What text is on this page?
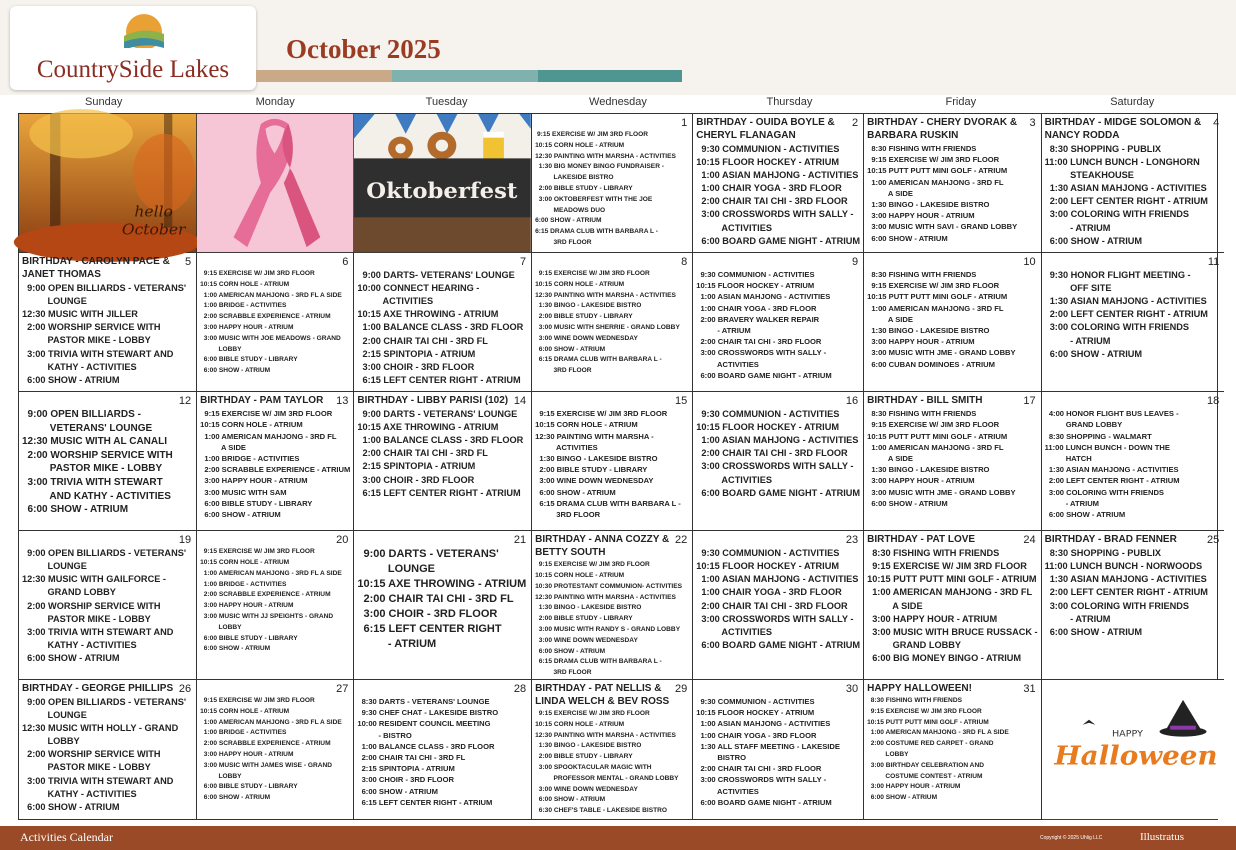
CountrySide Lakes
October 2025
Sunday	Monday	Tuesday	Wednesday	Thursday	Friday	Saturday
hello October
Oktoberfest
1
9:15 EXERCISE W/ JIM 3RD FLOOR
10:15 CORN HOLE - ATRIUM
12:30 PAINTING WITH MARSHA - ACTIVITIES
1:30 BIG MONEY BINGO FUNDRAISER -
LAKESIDE BISTRO
2:00 BIBLE STUDY - LIBRARY
3:00 OKTOBERFEST WITH THE JOE
MEADOWS DUO
6:00 SHOW - ATRIUM
6:15 DRAMA CLUB WITH BARBARA L -
3RD FLOOR
2
BIRTHDAY - OUIDA BOYLE &
CHERYL FLANAGAN
9:30 COMMUNION - ACTIVITIES
10:15 FLOOR HOCKEY - ATRIUM
1:00 ASIAN MAHJONG - ACTIVITIES
1:00 CHAIR YOGA - 3RD FLOOR
2:00 CHAIR TAI CHI - 3RD FLOOR
3:00 CROSSWORDS WITH SALLY -
ACTIVITIES
6:00 BOARD GAME NIGHT - ATRIUM
3
BIRTHDAY - CHERY DVORAK &
BARBARA RUSKIN
8:30 FISHING WITH FRIENDS
9:15 EXERCISE W/ JIM 3RD FLOOR
10:15 PUTT PUTT MINI GOLF - ATRIUM
1:00 AMERICAN MAHJONG - 3RD FL
A SIDE
1:30 BINGO - LAKESIDE BISTRO
3:00 HAPPY HOUR - ATRIUM
3:00 MUSIC WITH SAVI - GRAND LOBBY
6:00 SHOW - ATRIUM
4
BIRTHDAY - MIDGE SOLOMON &
NANCY RODDA
8:30 SHOPPING - PUBLIX
11:00 LUNCH BUNCH - LONGHORN
STEAKHOUSE
1:30 ASIAN MAHJONG - ACTIVITIES
2:00 LEFT CENTER RIGHT - ATRIUM
3:00 COLORING WITH FRIENDS
- ATRIUM
6:00 SHOW - ATRIUM
5
BIRTHDAY - CAROLYN PACE &
JANET THOMAS
9:00 OPEN BILLIARDS - VETERANS'
LOUNGE
12:30 MUSIC WITH JILLER
2:00 WORSHIP SERVICE WITH
PASTOR MIKE - LOBBY
3:00 TRIVIA WITH STEWART AND
KATHY - ACTIVITIES
6:00 SHOW - ATRIUM
6
9:15 EXERCISE W/ JIM 3RD FLOOR
10:15 CORN HOLE - ATRIUM
1:00 AMERICAN MAHJONG - 3RD FL A SIDE
1:00 BRIDGE - ACTIVITIES
2:00 SCRABBLE EXPERIENCE - ATRIUM
3:00 HAPPY HOUR - ATRIUM
3:00 MUSIC WITH JOE MEADOWS - GRAND
LOBBY
6:00 BIBLE STUDY - LIBRARY
6:00 SHOW - ATRIUM
7
9:00 DARTS- VETERANS' LOUNGE
10:00 CONNECT HEARING -
ACTIVITIES
10:15 AXE THROWING - ATRIUM
1:00 BALANCE CLASS - 3RD FLOOR
2:00 CHAIR TAI CHI - 3RD FL
2:15 SPINTOPIA - ATRIUM
3:00 CHOIR - 3RD FLOOR
6:15 LEFT CENTER RIGHT - ATRIUM
8
9:15 EXERCISE W/ JIM 3RD FLOOR
10:15 CORN HOLE - ATRIUM
12:30 PAINTING WITH MARSHA - ACTIVITIES
1:30 BINGO - LAKESIDE BISTRO
2:00 BIBLE STUDY - LIBRARY
3:00 MUSIC WITH SHERRIE - GRAND LOBBY
3:00 WINE DOWN WEDNESDAY
6:00 SHOW - ATRIUM
6:15 DRAMA CLUB WITH BARBARA L -
3RD FLOOR
9
9:30 COMMUNION - ACTIVITIES
10:15 FLOOR HOCKEY - ATRIUM
1:00 ASIAN MAHJONG - ACTIVITIES
1:00 CHAIR YOGA - 3RD FLOOR
2:00 BRAVERY WALKER REPAIR
- ATRIUM
2:00 CHAIR TAI CHI - 3RD FLOOR
3:00 CROSSWORDS WITH SALLY -
ACTIVITIES
6:00 BOARD GAME NIGHT - ATRIUM
10
8:30 FISHING WITH FRIENDS
9:15 EXERCISE W/ JIM 3RD FLOOR
10:15 PUTT PUTT MINI GOLF - ATRIUM
1:00 AMERICAN MAHJONG - 3RD FL
A SIDE
1:30 BINGO - LAKESIDE BISTRO
3:00 HAPPY HOUR - ATRIUM
3:00 MUSIC WITH JME - GRAND LOBBY
6:00 CUBAN DOMINOES - ATRIUM
11
9:30 HONOR FLIGHT MEETING -
OFF SITE
1:30 ASIAN MAHJONG - ACTIVITIES
2:00 LEFT CENTER RIGHT - ATRIUM
3:00 COLORING WITH FRIENDS
- ATRIUM
6:00 SHOW - ATRIUM
12
9:00 OPEN BILLIARDS -
VETERANS' LOUNGE
12:30 MUSIC WITH AL CANALI
2:00 WORSHIP SERVICE WITH
PASTOR MIKE - LOBBY
3:00 TRIVIA WITH STEWART
AND KATHY - ACTIVITIES
6:00 SHOW - ATRIUM
13
BIRTHDAY - PAM TAYLOR
9:15 EXERCISE W/ JIM 3RD FLOOR
10:15 CORN HOLE - ATRIUM
1:00 AMERICAN MAHJONG - 3RD FL
A SIDE
1:00 BRIDGE - ACTIVITIES
2:00 SCRABBLE EXPERIENCE - ATRIUM
3:00 HAPPY HOUR - ATRIUM
3:00 MUSIC WITH SAM
6:00 BIBLE STUDY - LIBRARY
6:00 SHOW - ATRIUM
14
BIRTHDAY - LIBBY PARISI (102)
9:00 DARTS - VETERANS' LOUNGE
10:15 AXE THROWING - ATRIUM
1:00 BALANCE CLASS - 3RD FLOOR
2:00 CHAIR TAI CHI - 3RD FL
2:15 SPINTOPIA - ATRIUM
3:00 CHOIR - 3RD FLOOR
6:15 LEFT CENTER RIGHT - ATRIUM
15
9:15 EXERCISE W/ JIM 3RD FLOOR
10:15 CORN HOLE - ATRIUM
12:30 PAINTING WITH MARSHA -
ACTIVITIES
1:30 BINGO - LAKESIDE BISTRO
2:00 BIBLE STUDY - LIBRARY
3:00 WINE DOWN WEDNESDAY
6:00 SHOW - ATRIUM
6:15 DRAMA CLUB WITH BARBARA L -
3RD FLOOR
16
9:30 COMMUNION - ACTIVITIES
10:15 FLOOR HOCKEY - ATRIUM
1:00 ASIAN MAHJONG - ACTIVITIES
2:00 CHAIR TAI CHI - 3RD FLOOR
3:00 CROSSWORDS WITH SALLY -
ACTIVITIES
6:00 BOARD GAME NIGHT - ATRIUM
17
BIRTHDAY - BILL SMITH
8:30 FISHING WITH FRIENDS
9:15 EXERCISE W/ JIM 3RD FLOOR
10:15 PUTT PUTT MINI GOLF - ATRIUM
1:00 AMERICAN MAHJONG - 3RD FL
A SIDE
1:30 BINGO - LAKESIDE BISTRO
3:00 HAPPY HOUR - ATRIUM
3:00 MUSIC WITH JME - GRAND LOBBY
6:00 SHOW - ATRIUM
18
4:00 HONOR FLIGHT BUS LEAVES -
GRAND LOBBY
8:30 SHOPPING - WALMART
11:00 LUNCH BUNCH - DOWN THE
HATCH
1:30 ASIAN MAHJONG - ACTIVITIES
2:00 LEFT CENTER RIGHT - ATRIUM
3:00 COLORING WITH FRIENDS
- ATRIUM
6:00 SHOW - ATRIUM
19
9:00 OPEN BILLIARDS - VETERANS'
LOUNGE
12:30 MUSIC WITH GAILFORCE -
GRAND LOBBY
2:00 WORSHIP SERVICE WITH
PASTOR MIKE - LOBBY
3:00 TRIVIA WITH STEWART AND
KATHY - ACTIVITIES
6:00 SHOW - ATRIUM
20
9:15 EXERCISE W/ JIM 3RD FLOOR
10:15 CORN HOLE - ATRIUM
1:00 AMERICAN MAHJONG - 3RD FL A SIDE
1:00 BRIDGE - ACTIVITIES
2:00 SCRABBLE EXPERIENCE - ATRIUM
3:00 HAPPY HOUR - ATRIUM
3:00 MUSIC WITH JJ SPEIGHTS - GRAND
LOBBY
6:00 BIBLE STUDY - LIBRARY
6:00 SHOW - ATRIUM
21
9:00 DARTS - VETERANS'
LOUNGE
10:15 AXE THROWING - ATRIUM
2:00 CHAIR TAI CHI - 3RD FL
3:00 CHOIR - 3RD FLOOR
6:15 LEFT CENTER RIGHT
- ATRIUM
22
BIRTHDAY - ANNA COZZY &
BETTY SOUTH
9:15 EXERCISE W/ JIM 3RD FLOOR
10:15 CORN HOLE - ATRIUM
10:30 PROTESTANT COMMUNION- ACTIVITIES
12:30 PAINTING WITH MARSHA - ACTIVITIES
1:30 BINGO - LAKESIDE BISTRO
2:00 BIBLE STUDY - LIBRARY
3:00 MUSIC WITH RANDY S - GRAND LOBBY
3:00 WINE DOWN WEDNESDAY
6:00 SHOW - ATRIUM
6:15 DRAMA CLUB WITH BARBARA L -
3RD FLOOR
23
9:30 COMMUNION - ACTIVITIES
10:15 FLOOR HOCKEY - ATRIUM
1:00 ASIAN MAHJONG - ACTIVITIES
1:00 CHAIR YOGA - 3RD FLOOR
2:00 CHAIR TAI CHI - 3RD FLOOR
3:00 CROSSWORDS WITH SALLY -
ACTIVITIES
6:00 BOARD GAME NIGHT - ATRIUM
24
BIRTHDAY - PAT LOVE
8:30 FISHING WITH FRIENDS
9:15 EXERCISE W/ JIM 3RD FLOOR
10:15 PUTT PUTT MINI GOLF - ATRIUM
1:00 AMERICAN MAHJONG - 3RD FL
A SIDE
3:00 HAPPY HOUR - ATRIUM
3:00 MUSIC WITH BRUCE RUSSACK -
GRAND LOBBY
6:00 BIG MONEY BINGO - ATRIUM
25
BIRTHDAY - BRAD FENNER
8:30 SHOPPING - PUBLIX
11:00 LUNCH BUNCH - NORWOODS
1:30 ASIAN MAHJONG - ACTIVITIES
2:00 LEFT CENTER RIGHT - ATRIUM
3:00 COLORING WITH FRIENDS
- ATRIUM
6:00 SHOW - ATRIUM
26
BIRTHDAY - GEORGE PHILLIPS
9:00 OPEN BILLIARDS - VETERANS'
LOUNGE
12:30 MUSIC WITH HOLLY - GRAND
LOBBY
2:00 WORSHIP SERVICE WITH
PASTOR MIKE - LOBBY
3:00 TRIVIA WITH STEWART AND
KATHY - ACTIVITIES
6:00 SHOW - ATRIUM
27
9:15 EXERCISE W/ JIM 3RD FLOOR
10:15 CORN HOLE - ATRIUM
1:00 AMERICAN MAHJONG - 3RD FL A SIDE
1:00 BRIDGE - ACTIVITIES
2:00 SCRABBLE EXPERIENCE - ATRIUM
3:00 HAPPY HOUR - ATRIUM
3:00 MUSIC WITH JAMES WISE - GRAND
LOBBY
6:00 BIBLE STUDY - LIBRARY
6:00 SHOW - ATRIUM
28
8:30 DARTS - VETERANS' LOUNGE
9:30 CHEF CHAT - LAKESIDE BISTRO
10:00 RESIDENT COUNCIL MEETING
- BISTRO
1:00 BALANCE CLASS - 3RD FLOOR
2:00 CHAIR TAI CHI - 3RD FL
2:15 SPINTOPIA - ATRIUM
3:00 CHOIR - 3RD FLOOR
6:00 SHOW - ATRIUM
6:15 LEFT CENTER RIGHT - ATRIUM
29
BIRTHDAY - PAT NELLIS &
LINDA WELCH & BEV ROSS
9:15 EXERCISE W/ JIM 3RD FLOOR
10:15 CORN HOLE - ATRIUM
12:30 PAINTING WITH MARSHA - ACTIVITIES
1:30 BINGO - LAKESIDE BISTRO
2:00 BIBLE STUDY - LIBRARY
3:00 SPOOKTACULAR MAGIC WITH
PROFESSOR MENTAL - GRAND LOBBY
3:00 WINE DOWN WEDNESDAY
6:00 SHOW - ATRIUM
6:30 CHEF'S TABLE - LAKESIDE BISTRO
30
9:30 COMMUNION - ACTIVITIES
10:15 FLOOR HOCKEY - ATRIUM
1:00 ASIAN MAHJONG - ACTIVITIES
1:00 CHAIR YOGA - 3RD FLOOR
1:30 ALL STAFF MEETING - LAKESIDE
BISTRO
2:00 CHAIR TAI CHI - 3RD FLOOR
3:00 CROSSWORDS WITH SALLY -
ACTIVITIES
6:00 BOARD GAME NIGHT - ATRIUM
31
HAPPY HALLOWEEN!
8:30 FISHING WITH FRIENDS
9:15 EXERCISE W/ JIM 3RD FLOOR
10:15 PUTT PUTT MINI GOLF - ATRIUM
1:00 AMERICAN MAHJONG - 3RD FL A SIDE
2:00 COSTUME RED CARPET - GRAND
LOBBY
3:00 BIRTHDAY CELEBRATION AND
COSTUME CONTEST - ATRIUM
3:00 HAPPY HOUR - ATRIUM
6:00 SHOW - ATRIUM
HAPPY
Halloween
Activities Calendar	Copyright © 2025 Uhlig LLC	Illustratus
